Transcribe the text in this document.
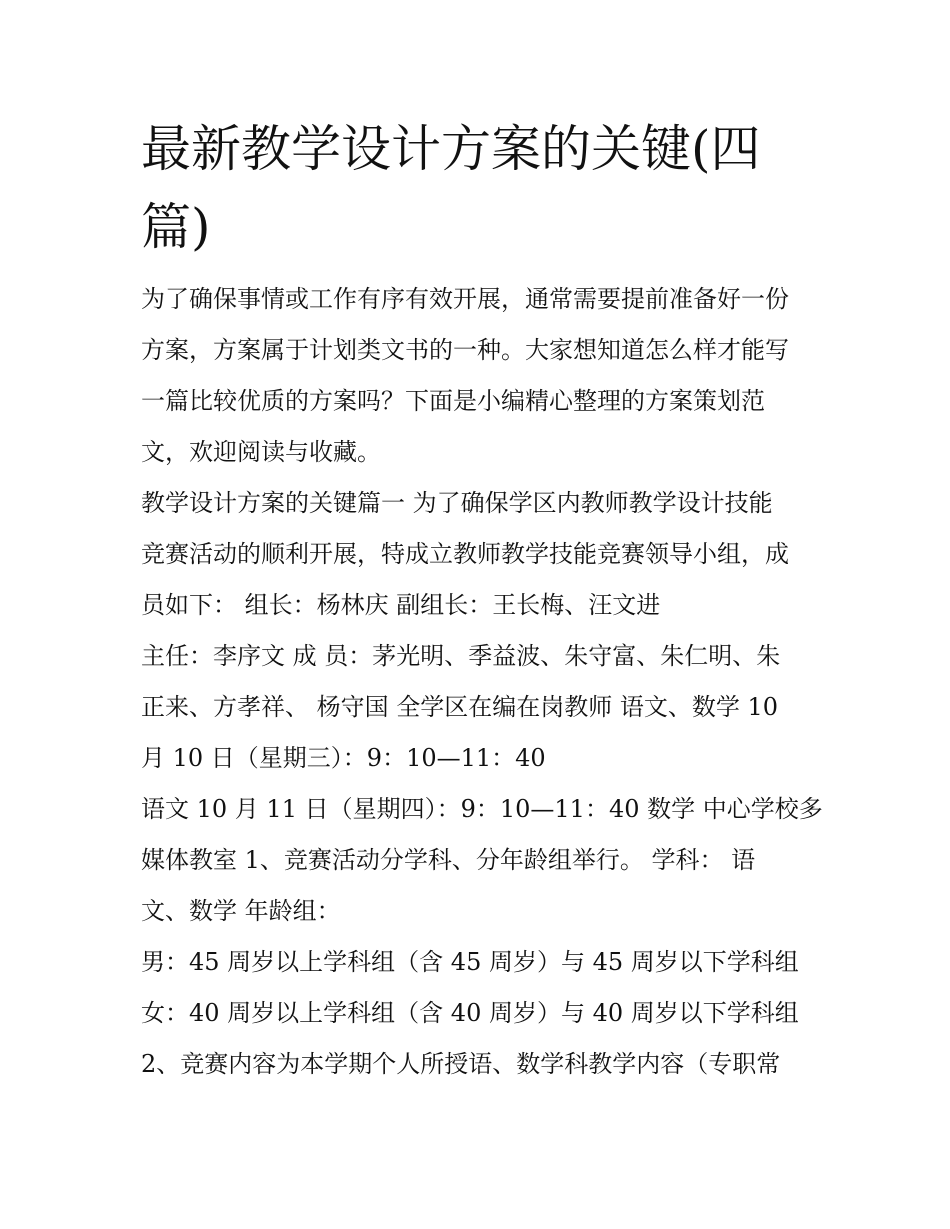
最新教学设计方案的关键(四
篇)
为了确保事情或工作有序有效开展，通常需要提前准备好一份
方案，方案属于计划类文书的一种。大家想知道怎么样才能写
一篇比较优质的方案吗？下面是小编精心整理的方案策划范
文，欢迎阅读与收藏。
教学设计方案的关键篇一 为了确保学区内教师教学设计技能
竞赛活动的顺利开展，特成立教师教学技能竞赛领导小组，成
员如下： 组长：杨林庆 副组长：王长梅、汪文进
主任：李序文 成 员：茅光明、季益波、朱守富、朱仁明、朱
正来、方孝祥、 杨守国 全学区在编在岗教师 语文、数学 10
月 10 日（星期三）：9：10—11：40
语文 10 月 11 日（星期四）：9：10—11：40 数学 中心学校多
媒体教室 1、竞赛活动分学科、分年龄组举行。 学科： 语
文、数学 年龄组：
男：45 周岁以上学科组（含 45 周岁）与 45 周岁以下学科组
女：40 周岁以上学科组（含 40 周岁）与 40 周岁以下学科组
2、竞赛内容为本学期个人所授语、数学科教学内容（专职常
